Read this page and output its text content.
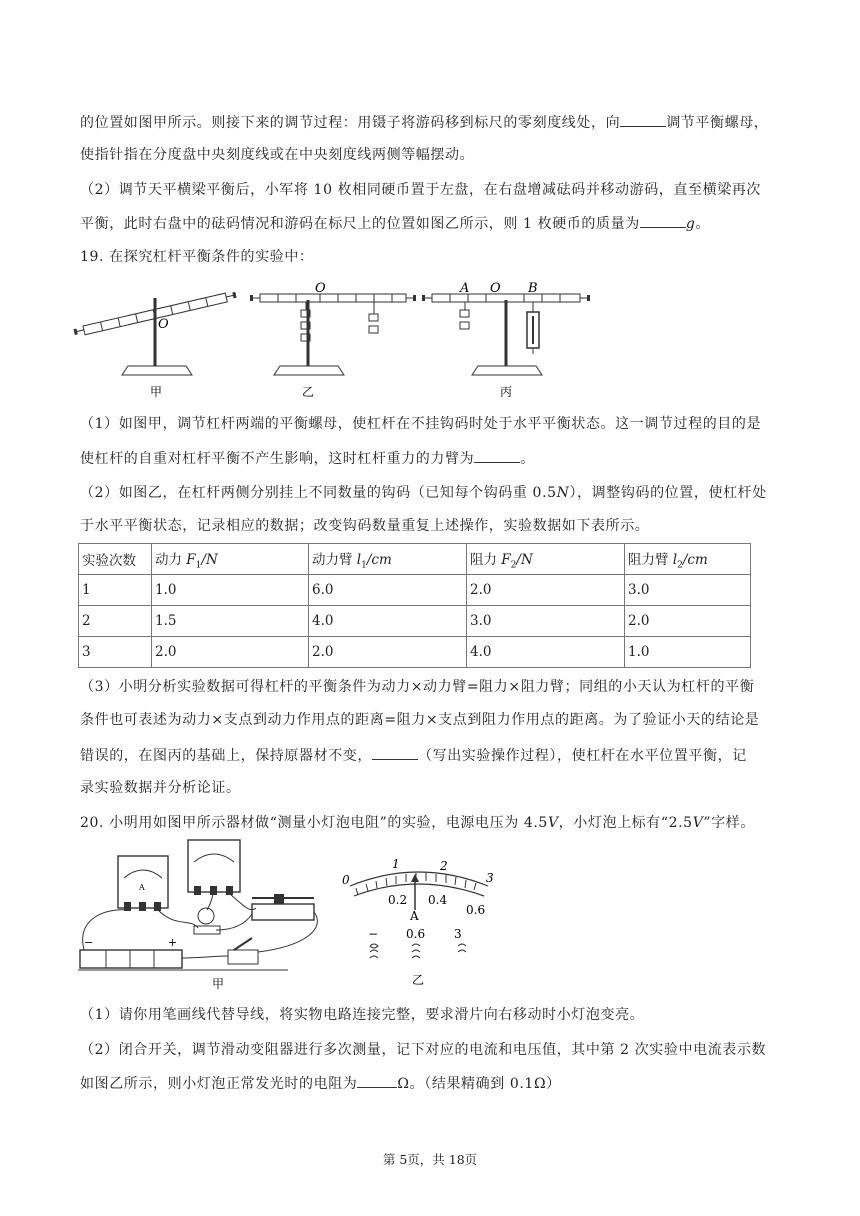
的位置如图甲所示。则接下来的调节过程：用镊子将游码移到标尺的零刻度线处，向	调节平衡螺母，
使指针指在分度盘中央刻度线或在中央刻度线两侧等幅摆动。
（2）调节天平横梁平衡后，小军将 10 枚相同硬币置于左盘，在右盘增减砝码并移动游码，直至横梁再次
平衡，此时右盘中的砝码情况和游码在标尺上的位置如图乙所示，则 1 枚硬币的质量为	g。
19. 在探究杠杆平衡条件的实验中：
O
甲
O
乙
A O B
丙
（1）如图甲，调节杠杆两端的平衡螺母，使杠杆在不挂钩码时处于水平平衡状态。这一调节过程的目的是
使杠杆的自重对杠杆平衡不产生影响，这时杠杆重力的力臂为	。
（2）如图乙，在杠杆两侧分别挂上不同数量的钩码（已知每个钩码重 0.5N），调整钩码的位置，使杠杆处
于水平平衡状态，记录相应的数据；改变钩码数量重复上述操作，实验数据如下表所示。
实验次数	动力 $F_1/N$	动力臂 $l_1/cm$	阻力 $F_2/N$	阻力臂 $l_2/cm$
1	1.0	6.0	2.0	3.0
2	1.5	4.0	3.0	2.0
3	2.0	2.0	4.0	1.0
（3）小明分析实验数据可得杠杆的平衡条件为动力×动力臂=阻力×阻力臂；同组的小天认为杠杆的平衡
条件也可表述为动力×支点到动力作用点的距离=阻力×支点到阻力作用点的距离。为了验证小天的结论是
错误的，在图丙的基础上，保持原器材不变，	（写出实验操作过程），使杠杆在水平位置平衡，记
录实验数据并分析论证。
20. 小明用如图甲所示器材做“测量小灯泡电阻”的实验，电源电压为 4.5V，小灯泡上标有“2.5V”字样。
A
−	+
甲
0
1	2
3
0.2 0.4
0.6
A
0.6 3
−
乙
（1）请你用笔画线代替导线，将实物电路连接完整，要求滑片向右移动时小灯泡变亮。
（2）闭合开关，调节滑动变阻器进行多次测量，记下对应的电流和电压值，其中第 2 次实验中电流表示数
如图乙所示，则小灯泡正常发光时的电阻为	Ω。（结果精确到 0.1Ω）
第 5页，共 18页
